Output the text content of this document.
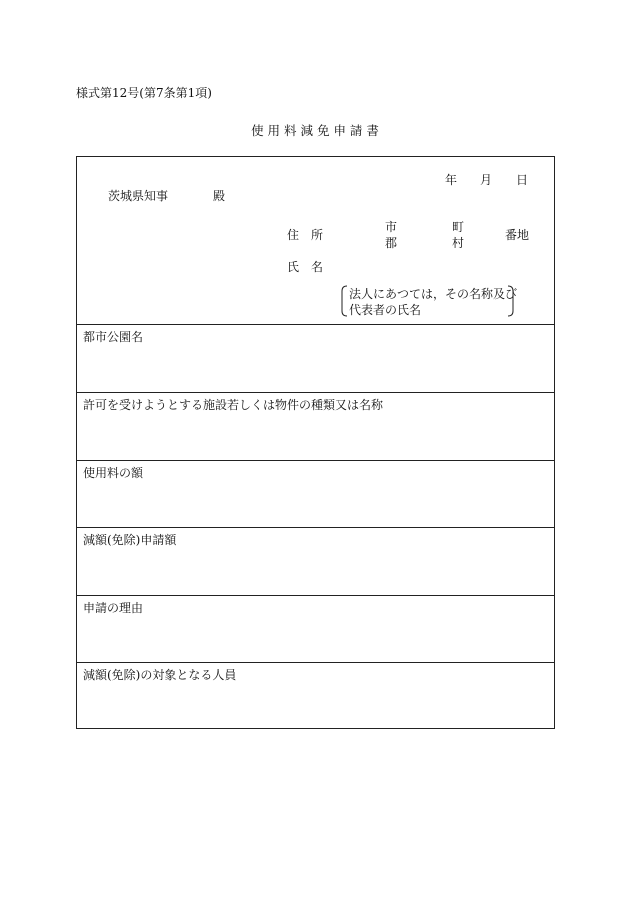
様式第12号(第7条第1項)
使 用 料 減 免 申 請 書
年 月 日
茨城県知事	殿
住　所
市
郡
町
村
番地
氏　名
法人にあつては，その名称及び
代表者の氏名
都市公園名
許可を受けようとする施設若しくは物件の種類又は名称
使用料の額
減額(免除)申請額
申請の理由
減額(免除)の対象となる人員
